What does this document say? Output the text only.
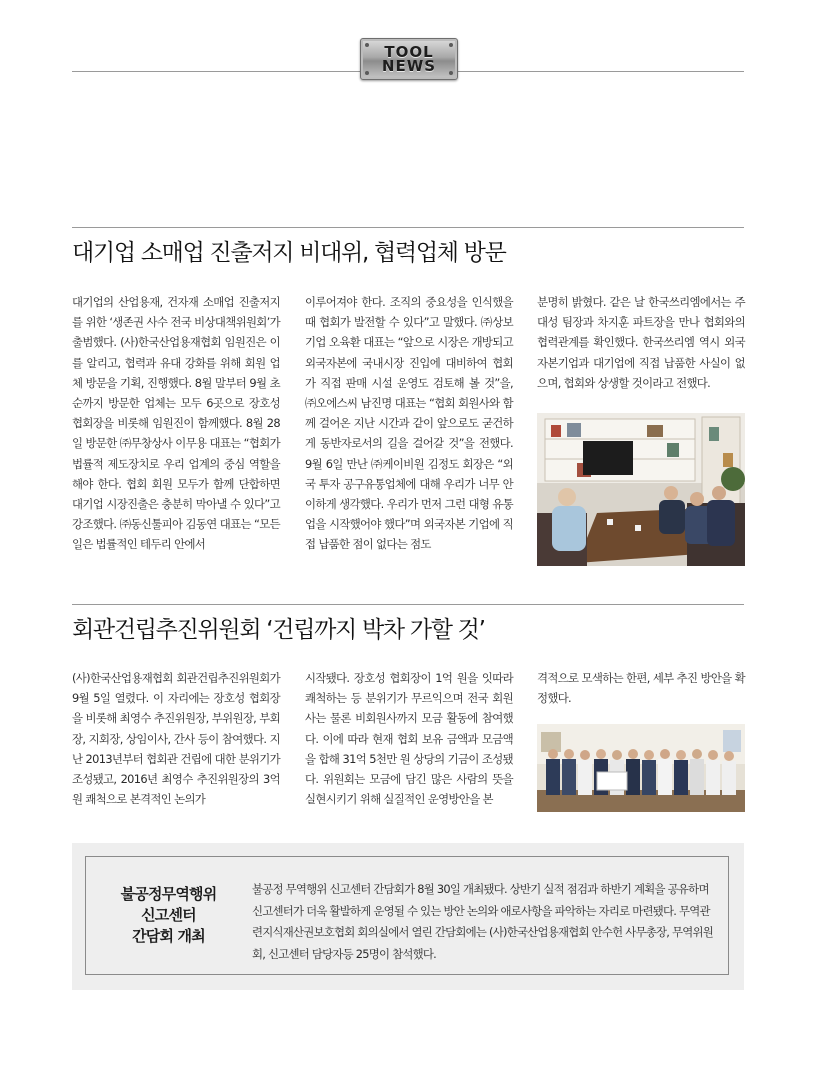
TOOL
NEWS
대기업 소매업 진출저지 비대위, 협력업체 방문

대기업의 산업용재, 건자재 소매업 진출저지를 위한 ‘생존권 사수 전국 비상대책위원회’가 출범했다. (사)한국산업용재협회 임원진은 이를 알리고, 협력과 유대 강화를 위해 회원 업체 방문을 기획, 진행했다. 8월 말부터 9월 초순까지 방문한 업체는 모두 6곳으로 장호성 협회장을 비롯해 임원진이 함께했다. 8월 28일 방문한 ㈜무창상사 이무용 대표는 “협회가 법률적 제도장치로 우리 업계의 중심 역할을 해야 한다. 협회 회원 모두가 함께 단합하면 대기업 시장진출은 충분히 막아낼 수 있다”고 강조했다. ㈜동신툴피아 김동연 대표는 “모든 일은 법률적인 테두리 안에서

이루어져야 한다. 조직의 중요성을 인식했을 때 협회가 발전할 수 있다”고 말했다. ㈜상보기업 오육환 대표는 “앞으로 시장은 개방되고 외국자본에 국내시장 진입에 대비하여 협회가 직접 판매 시설 운영도 검토해 볼 것”을, ㈜오에스씨 남진명 대표는 “협회 회원사와 함께 걸어온 지난 시간과 같이 앞으로도 굳건하게 동반자로서의 길을 걸어갈 것”을 전했다. 9월 6일 만난 ㈜케이비원 김정도 회장은 “외국 투자 공구유통업체에 대해 우리가 너무 안이하게 생각했다. 우리가 먼저 그런 대형 유통업을 시작했어야 했다”며 외국자본 기업에 직접 납품한 점이 없다는 점도

분명히 밝혔다. 같은 날 한국쓰리엠에서는 주대성 팀장과 차지훈 파트장을 만나 협회와의 협력관계를 확인했다. 한국쓰리엠 역시 외국자본기업과 대기업에 직접 납품한 사실이 없으며, 협회와 상생할 것이라고 전했다.

회관건립추진위원회 ‘건립까지 박차 가할 것’

(사)한국산업용재협회 회관건립추진위원회가 9월 5일 열렸다. 이 자리에는 장호성 협회장을 비롯해 최영수 추진위원장, 부위원장, 부회장, 지회장, 상임이사, 간사 등이 참여했다. 지난 2013년부터 협회관 건립에 대한 분위기가 조성됐고, 2016년 최영수 추진위원장의 3억 원 쾌척으로 본격적인 논의가

시작됐다. 장호성 협회장이 1억 원을 잇따라 쾌척하는 등 분위기가 무르익으며 전국 회원사는 물론 비회원사까지 모금 활동에 참여했다. 이에 따라 현재 협회 보유 금액과 모금액을 합해 31억 5천만 원 상당의 기금이 조성됐다. 위원회는 모금에 담긴 많은 사람의 뜻을 실현시키기 위해 실질적인 운영방안을 본

격적으로 모색하는 한편, 세부 추진 방안을 확정했다.

불공정무역행위
신고센터
간담회 개최
불공정 무역행위 신고센터 간담회가 8월 30일 개최됐다. 상반기 실적 점검과 하반기 계획을 공유하며 신고센터가 더욱 활발하게 운영될 수 있는 방안 논의와 애로사항을 파악하는 자리로 마련됐다. 무역관련지식재산권보호협회 회의실에서 열린 간담회에는 (사)한국산업용재협회 안수헌 사무총장, 무역위원회, 신고센터 담당자등 25명이 참석했다.
